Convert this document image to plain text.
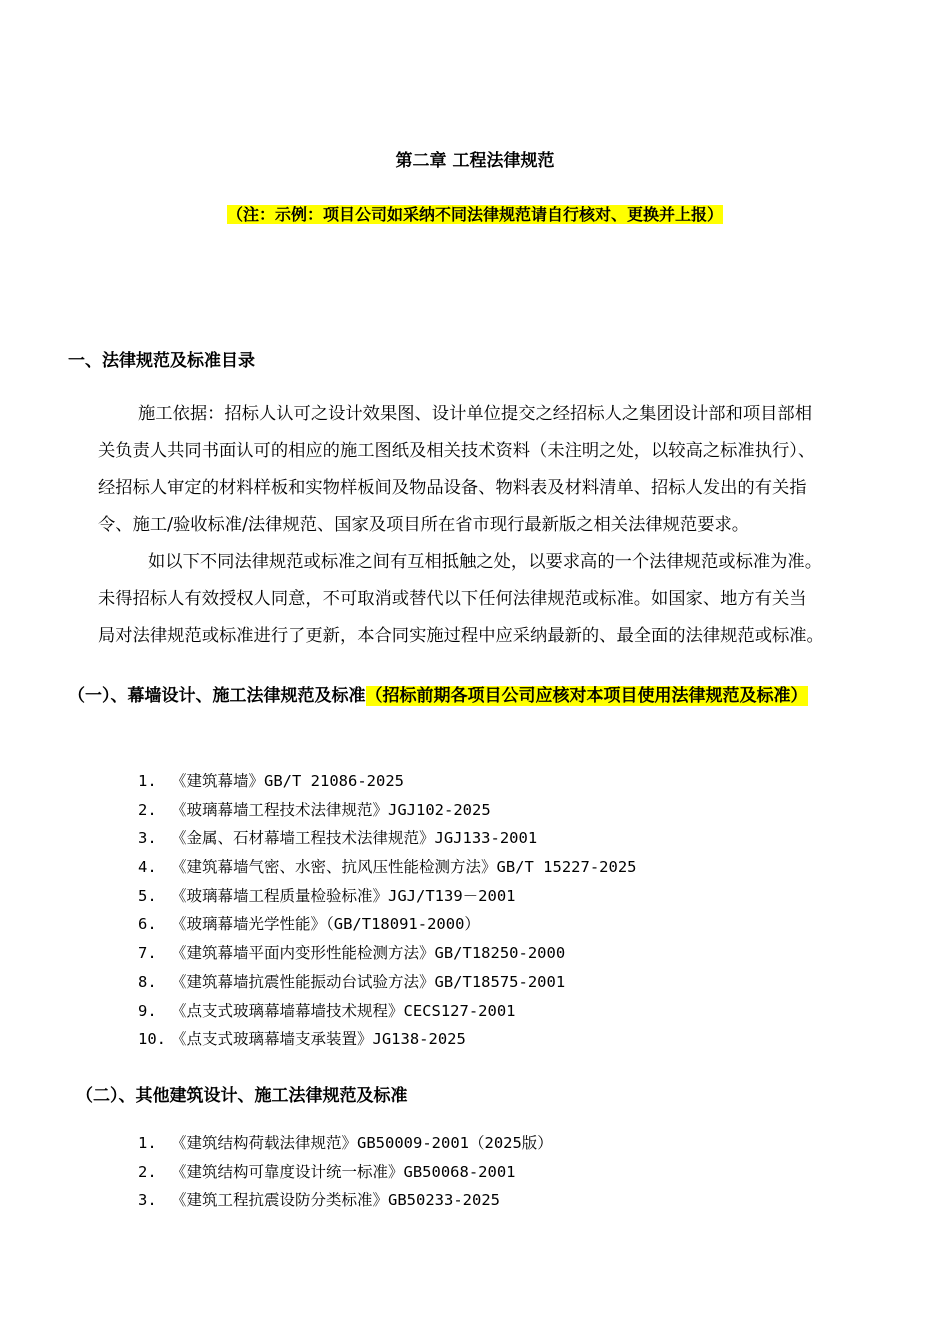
第二章 工程法律规范
（注：示例：项目公司如采纳不同法律规范请自行核对、更换并上报）
一、法律规范及标准目录
施工依据：招标人认可之设计效果图、设计单位提交之经招标人之集团设计部和项目部相
关负责人共同书面认可的相应的施工图纸及相关技术资料（未注明之处，以较高之标准执行）、
经招标人审定的材料样板和实物样板间及物品设备、物料表及材料清单、招标人发出的有关指
令、施工/验收标准/法律规范、国家及项目所在省市现行最新版之相关法律规范要求。
如以下不同法律规范或标准之间有互相抵触之处，以要求高的一个法律规范或标准为准。
未得招标人有效授权人同意，不可取消或替代以下任何法律规范或标准。如国家、地方有关当
局对法律规范或标准进行了更新，本合同实施过程中应采纳最新的、最全面的法律规范或标准。
（一）、幕墙设计、施工法律规范及标准（招标前期各项目公司应核对本项目使用法律规范及标准）
1. 《建筑幕墙》GB/T 21086-2025
2. 《玻璃幕墙工程技术法律规范》JGJ102-2025
3. 《金属、石材幕墙工程技术法律规范》JGJ133-2001
4. 《建筑幕墙气密、水密、抗风压性能检测方法》GB/T 15227-2025
5. 《玻璃幕墙工程质量检验标准》JGJ/T139－2001
6. 《玻璃幕墙光学性能》（GB/T18091-2000）
7. 《建筑幕墙平面内变形性能检测方法》GB/T18250-2000
8. 《建筑幕墙抗震性能振动台试验方法》GB/T18575-2001
9. 《点支式玻璃幕墙幕墙技术规程》CECS127-2001
10. 《点支式玻璃幕墙支承装置》JG138-2025
（二）、其他建筑设计、施工法律规范及标准
1. 《建筑结构荷载法律规范》GB50009-2001（2025版）
2. 《建筑结构可靠度设计统一标准》GB50068-2001
3. 《建筑工程抗震设防分类标准》GB50233-2025
